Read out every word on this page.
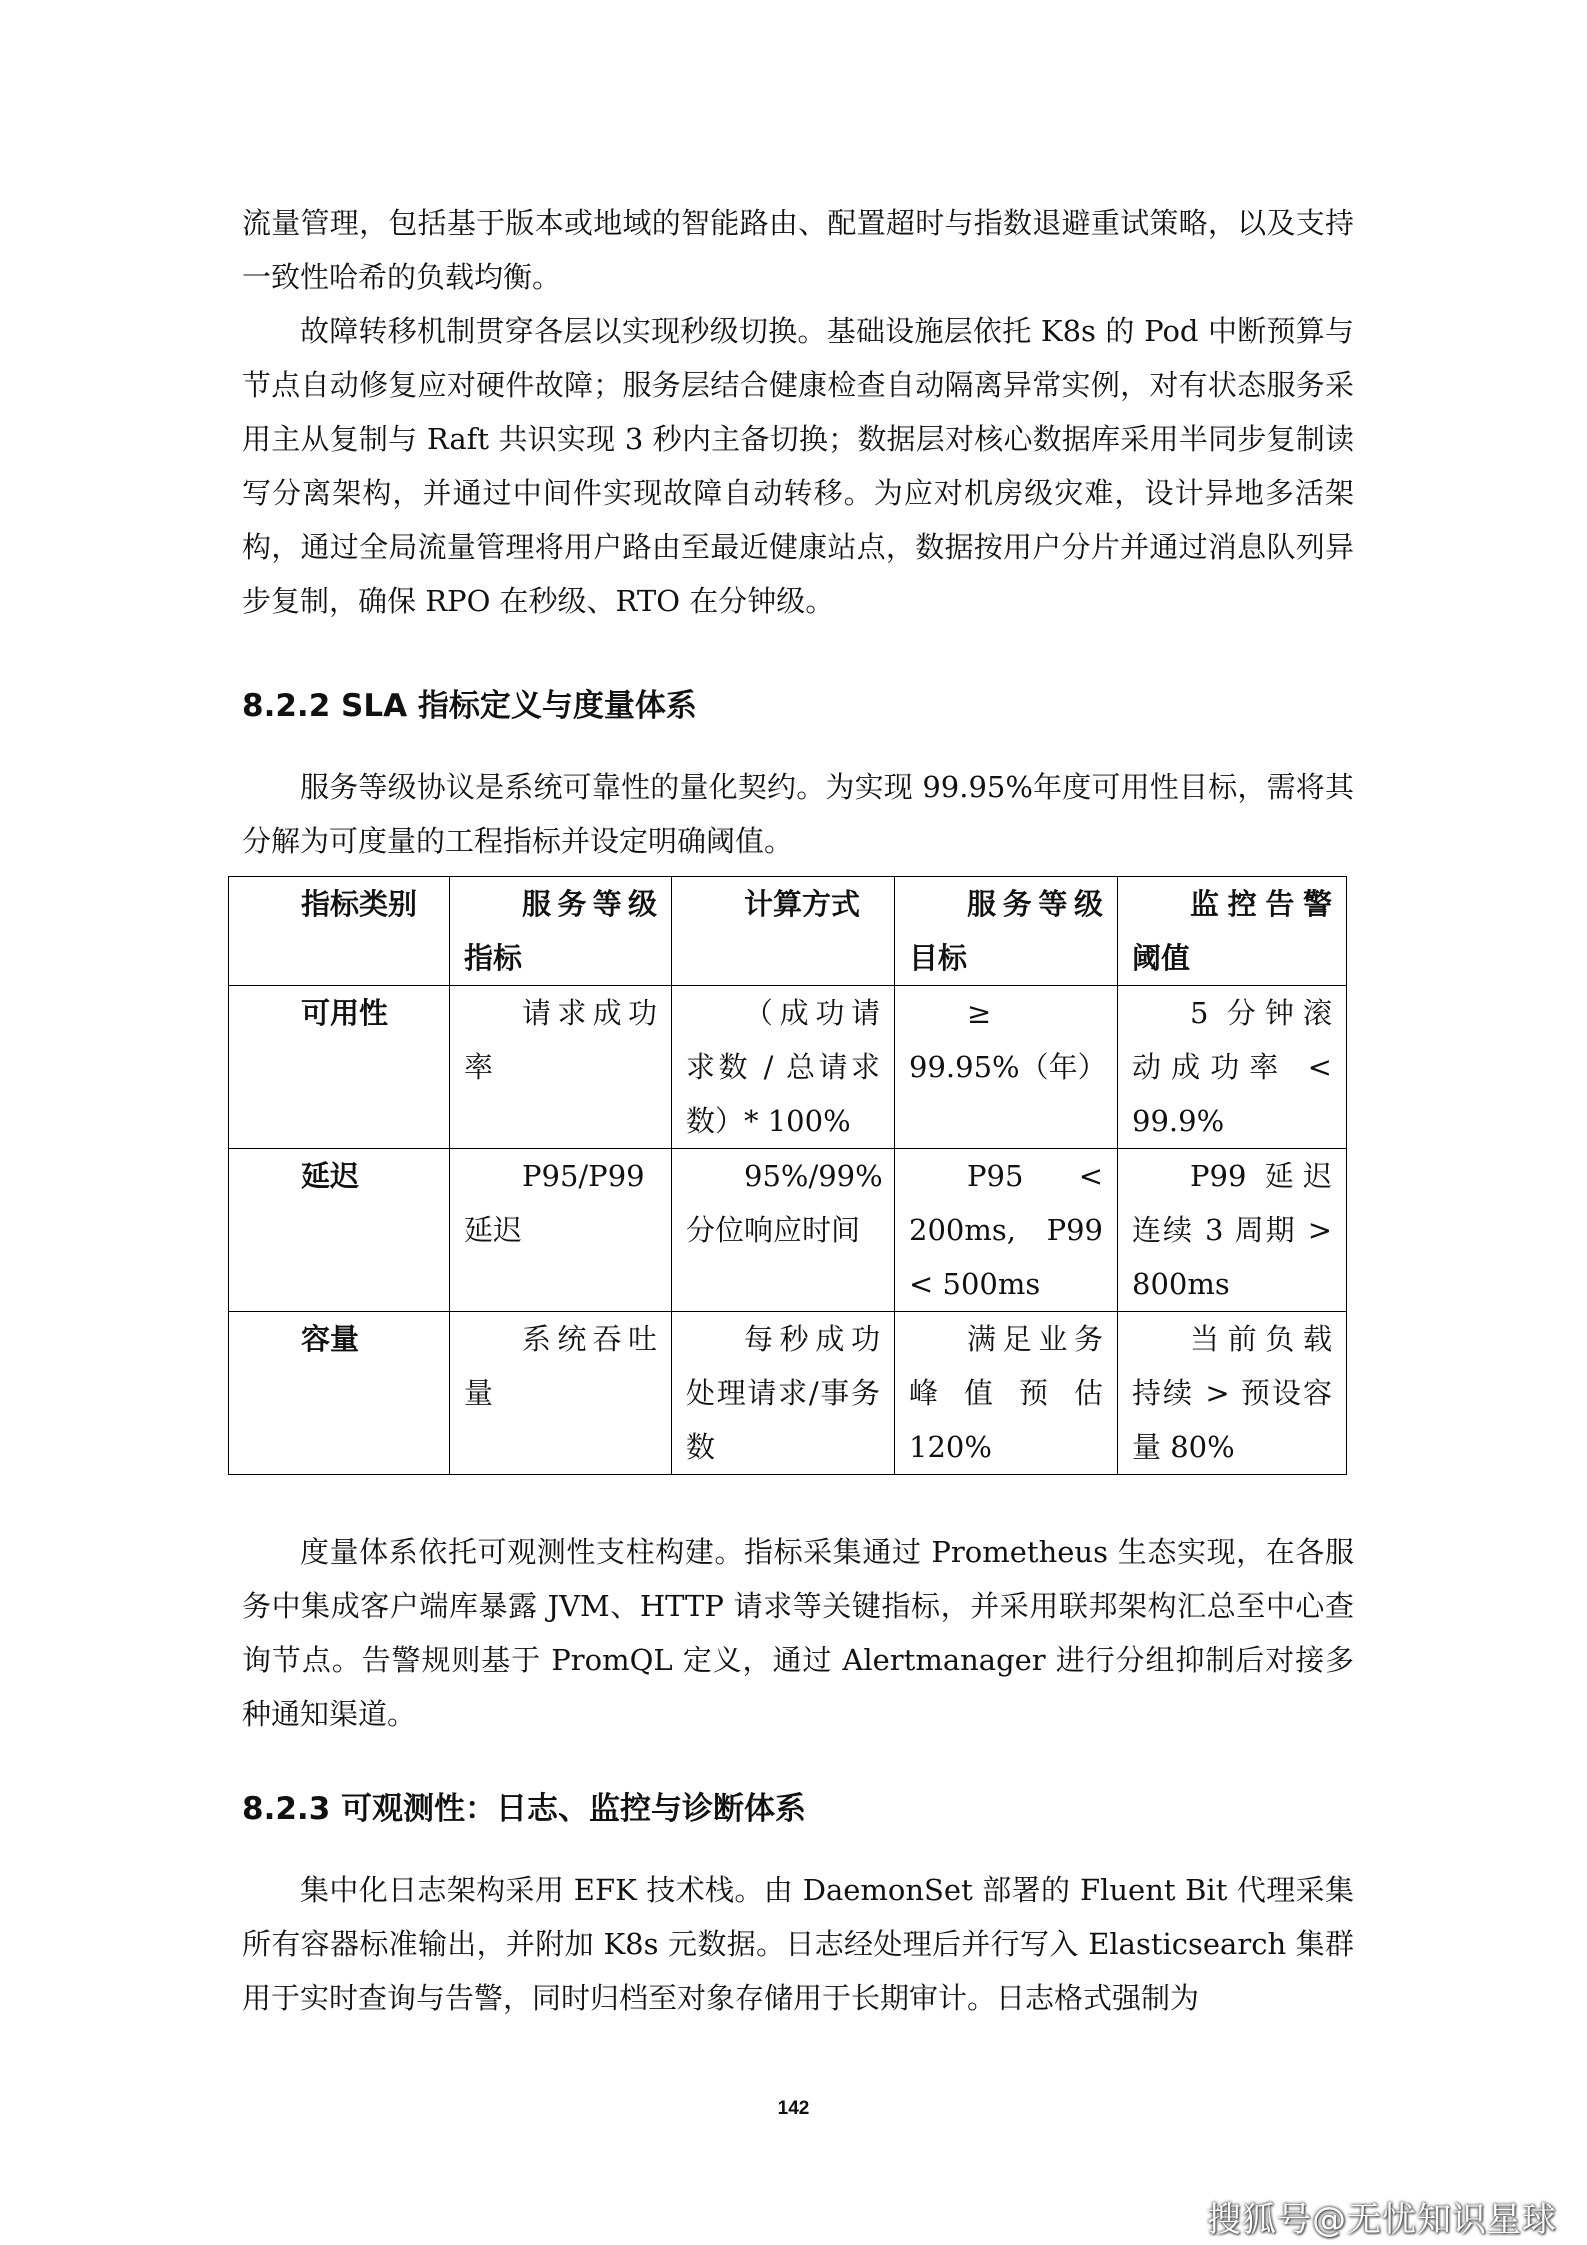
流量管理，包括基于版本或地域的智能路由、配置超时与指数退避重试策略，以及支持一致性哈希的负载均衡。

故障转移机制贯穿各层以实现秒级切换。基础设施层依托 K8s 的 Pod 中断预算与节点自动修复应对硬件故障；服务层结合健康检查自动隔离异常实例，对有状态服务采用主从复制与 Raft 共识实现 3 秒内主备切换；数据层对核心数据库采用半同步复制读写分离架构，并通过中间件实现故障自动转移。为应对机房级灾难，设计异地多活架构，通过全局流量管理将用户路由至最近健康站点，数据按用户分片并通过消息队列异步复制，确保 RPO 在秒级、RTO 在分钟级。

8.2.2 SLA 指标定义与度量体系

服务等级协议是系统可靠性的量化契约。为实现 99.95%年度可用性目标，需将其分解为可度量的工程指标并设定明确阈值。

指标类别	服务等级指标	计算方式	服务等级目标	监控告警阈值
可用性	请求成功率	（成功请求数 / 总请求数）* 100%	≥ 99.95%（年）	5 分钟滚动成功率 < 99.9%
延迟	P95/P99 延迟	95%/99% 分位响应时间	P95 < 200ms, P99 < 500ms	P99 延迟连续 3 周期 > 800ms
容量	系统吞吐量	每秒成功处理请求/事务数	满足业务峰值预估 120%	当前负载持续 > 预设容量 80%

度量体系依托可观测性支柱构建。指标采集通过 Prometheus 生态实现，在各服务中集成客户端库暴露 JVM、HTTP 请求等关键指标，并采用联邦架构汇总至中心查询节点。告警规则基于 PromQL 定义，通过 Alertmanager 进行分组抑制后对接多种通知渠道。

8.2.3 可观测性：日志、监控与诊断体系

集中化日志架构采用 EFK 技术栈。由 DaemonSet 部署的 Fluent Bit 代理采集所有容器标准输出，并附加 K8s 元数据。日志经处理后并行写入 Elasticsearch 集群用于实时查询与告警，同时归档至对象存储用于长期审计。日志格式强制为

142
搜狐号@无忧知识星球
